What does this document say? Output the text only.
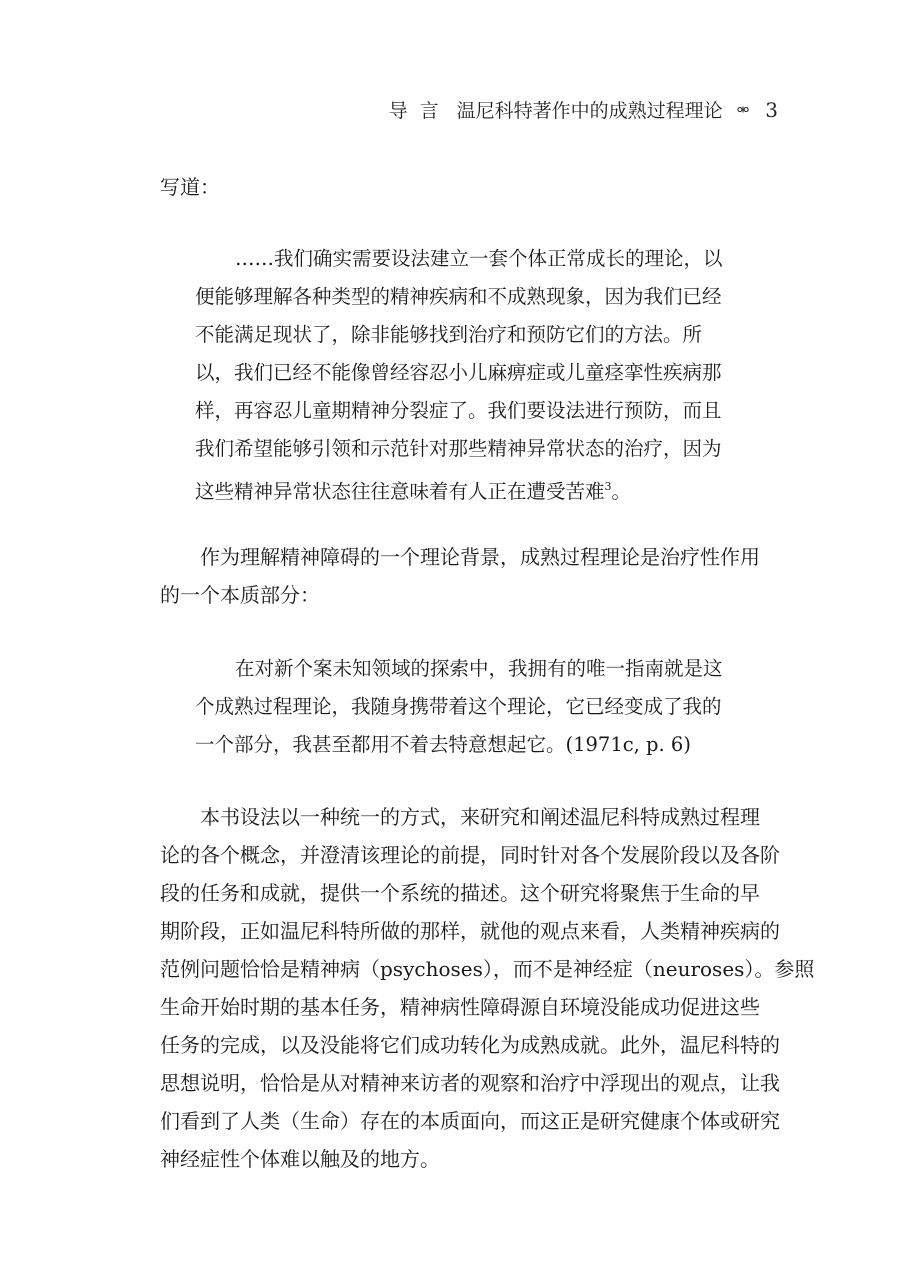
导言 温尼科特著作中的成熟过程理论 ⚮ 3

写道：

……我们确实需要设法建立一套个体正常成长的理论，以
便能够理解各种类型的精神疾病和不成熟现象，因为我们已经
不能满足现状了，除非能够找到治疗和预防它们的方法。所
以，我们已经不能像曾经容忍小儿麻痹症或儿童痉挛性疾病那
样，再容忍儿童期精神分裂症了。我们要设法进行预防，而且
我们希望能够引领和示范针对那些精神异常状态的治疗，因为
这些精神异常状态往往意味着有人正在遭受苦难$^3$。
作为理解精神障碍的一个理论背景，成熟过程理论是治疗性作用
的一个本质部分：
在对新个案未知领域的探索中，我拥有的唯一指南就是这
个成熟过程理论，我随身携带着这个理论，它已经变成了我的
一个部分，我甚至都用不着去特意想起它。(1971c, p. 6)
本书设法以一种统一的方式，来研究和阐述温尼科特成熟过程理
论的各个概念，并澄清该理论的前提，同时针对各个发展阶段以及各阶
段的任务和成就，提供一个系统的描述。这个研究将聚焦于生命的早
期阶段，正如温尼科特所做的那样，就他的观点来看，人类精神疾病的
范例问题恰恰是精神病（psychoses），而不是神经症（neuroses）。参照
生命开始时期的基本任务，精神病性障碍源自环境没能成功促进这些
任务的完成，以及没能将它们成功转化为成熟成就。此外，温尼科特的
思想说明，恰恰是从对精神来访者的观察和治疗中浮现出的观点，让我
们看到了人类（生命）存在的本质面向，而这正是研究健康个体或研究
神经症性个体难以触及的地方。
